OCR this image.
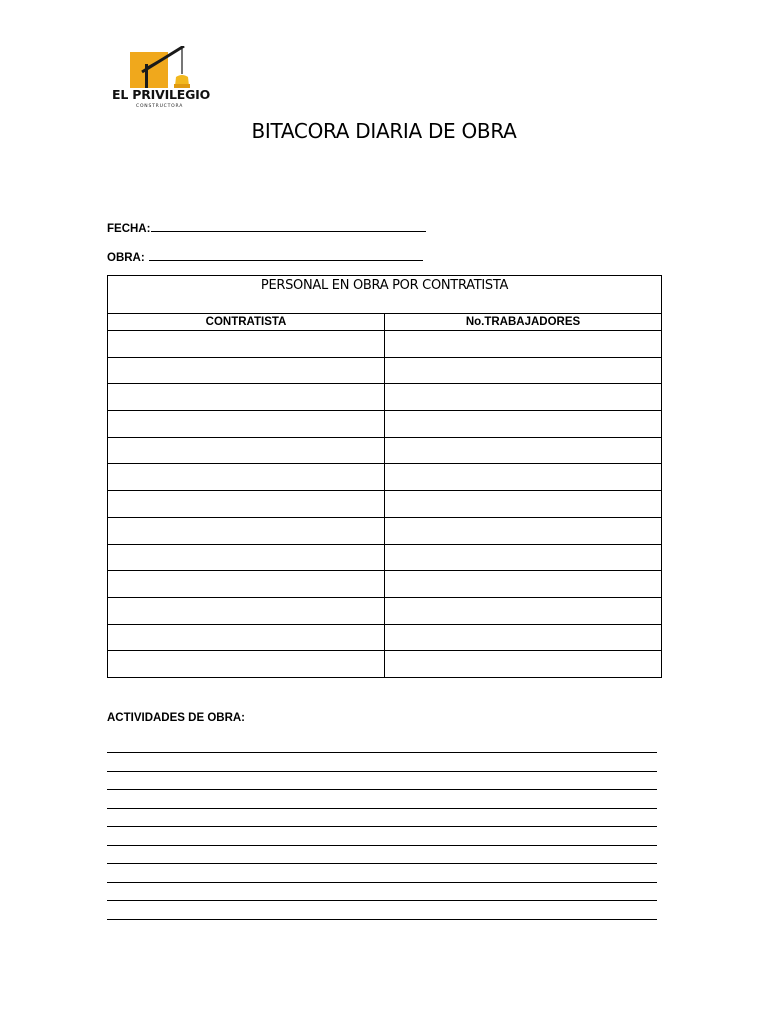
EL PRIVILEGIO
CONSTRUCTORA
BITACORA DIARIA DE OBRA
FECHA:
OBRA:
PERSONAL EN OBRA POR CONTRATISTA	

CONTRATISTA	No.TRABAJADORES

ACTIVIDADES DE OBRA:
